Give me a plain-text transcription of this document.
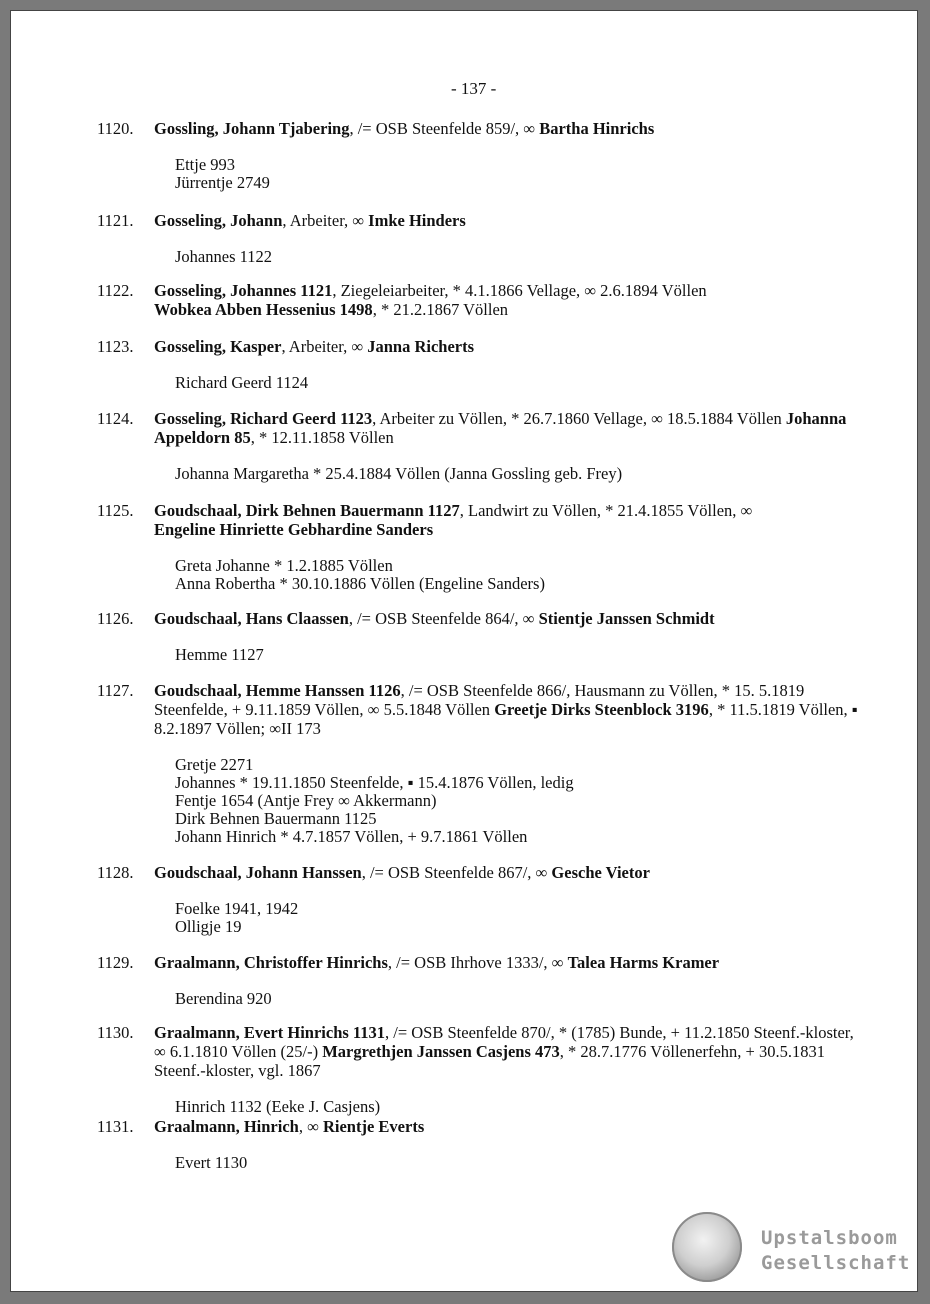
- 137 -
1120. Gossling, Johann Tjabering, /= OSB Steenfelde 859/, ∞ Bartha Hinrichs
Ettje 993
Jürrentje 2749
1121. Gosseling, Johann, Arbeiter, ∞ Imke Hinders
Johannes 1122
1122. Gosseling, Johannes 1121, Ziegeleiarbeiter, * 4.1.1866 Vellage, ∞ 2.6.1894 Völlen
Wobkea Abben Hessenius 1498, * 21.2.1867 Völlen
1123. Gosseling, Kasper, Arbeiter, ∞ Janna Richerts
Richard Geerd 1124
1124. Gosseling, Richard Geerd 1123, Arbeiter zu Völlen, * 26.7.1860 Vellage, ∞ 18.5.1884 Völlen Johanna Appeldorn 85, * 12.11.1858 Völlen
Johanna Margaretha * 25.4.1884 Völlen (Janna Gossling geb. Frey)
1125. Goudschaal, Dirk Behnen Bauermann 1127, Landwirt zu Völlen, * 21.4.1855 Völlen, ∞
Engeline Hinriette Gebhardine Sanders
Greta Johanne * 1.2.1885 Völlen
Anna Robertha * 30.10.1886 Völlen (Engeline Sanders)
1126. Goudschaal, Hans Claassen, /= OSB Steenfelde 864/, ∞ Stientje Janssen Schmidt
Hemme 1127
1127. Goudschaal, Hemme Hanssen 1126, /= OSB Steenfelde 866/, Hausmann zu Völlen, * 15. 5.1819 Steenfelde, + 9.11.1859 Völlen, ∞ 5.5.1848 Völlen Greetje Dirks Steenblock 3196, * 11.5.1819 Völlen, ▪ 8.2.1897 Völlen; ∞II 173
Gretje 2271
Johannes * 19.11.1850 Steenfelde, ▪ 15.4.1876 Völlen, ledig
Fentje 1654 (Antje Frey ∞ Akkermann)
Dirk Behnen Bauermann 1125
Johann Hinrich * 4.7.1857 Völlen, + 9.7.1861 Völlen
1128. Goudschaal, Johann Hanssen, /= OSB Steenfelde 867/, ∞ Gesche Vietor
Foelke 1941, 1942
Olligje 19
1129. Graalmann, Christoffer Hinrichs, /= OSB Ihrhove 1333/, ∞ Talea Harms Kramer
Berendina 920
1130. Graalmann, Evert Hinrichs 1131, /= OSB Steenfelde 870/, * (1785) Bunde, + 11.2.1850 Steenf.-kloster, ∞ 6.1.1810 Völlen (25/-) Margrethjen Janssen Casjens 473, * 28.7.1776 Völlenerfehn, + 30.5.1831 Steenf.-kloster, vgl. 1867
Hinrich 1132 (Eeke J. Casjens)
1131. Graalmann, Hinrich, ∞ Rientje Everts
Evert 1130
Upstalsboom
Gesellschaft
